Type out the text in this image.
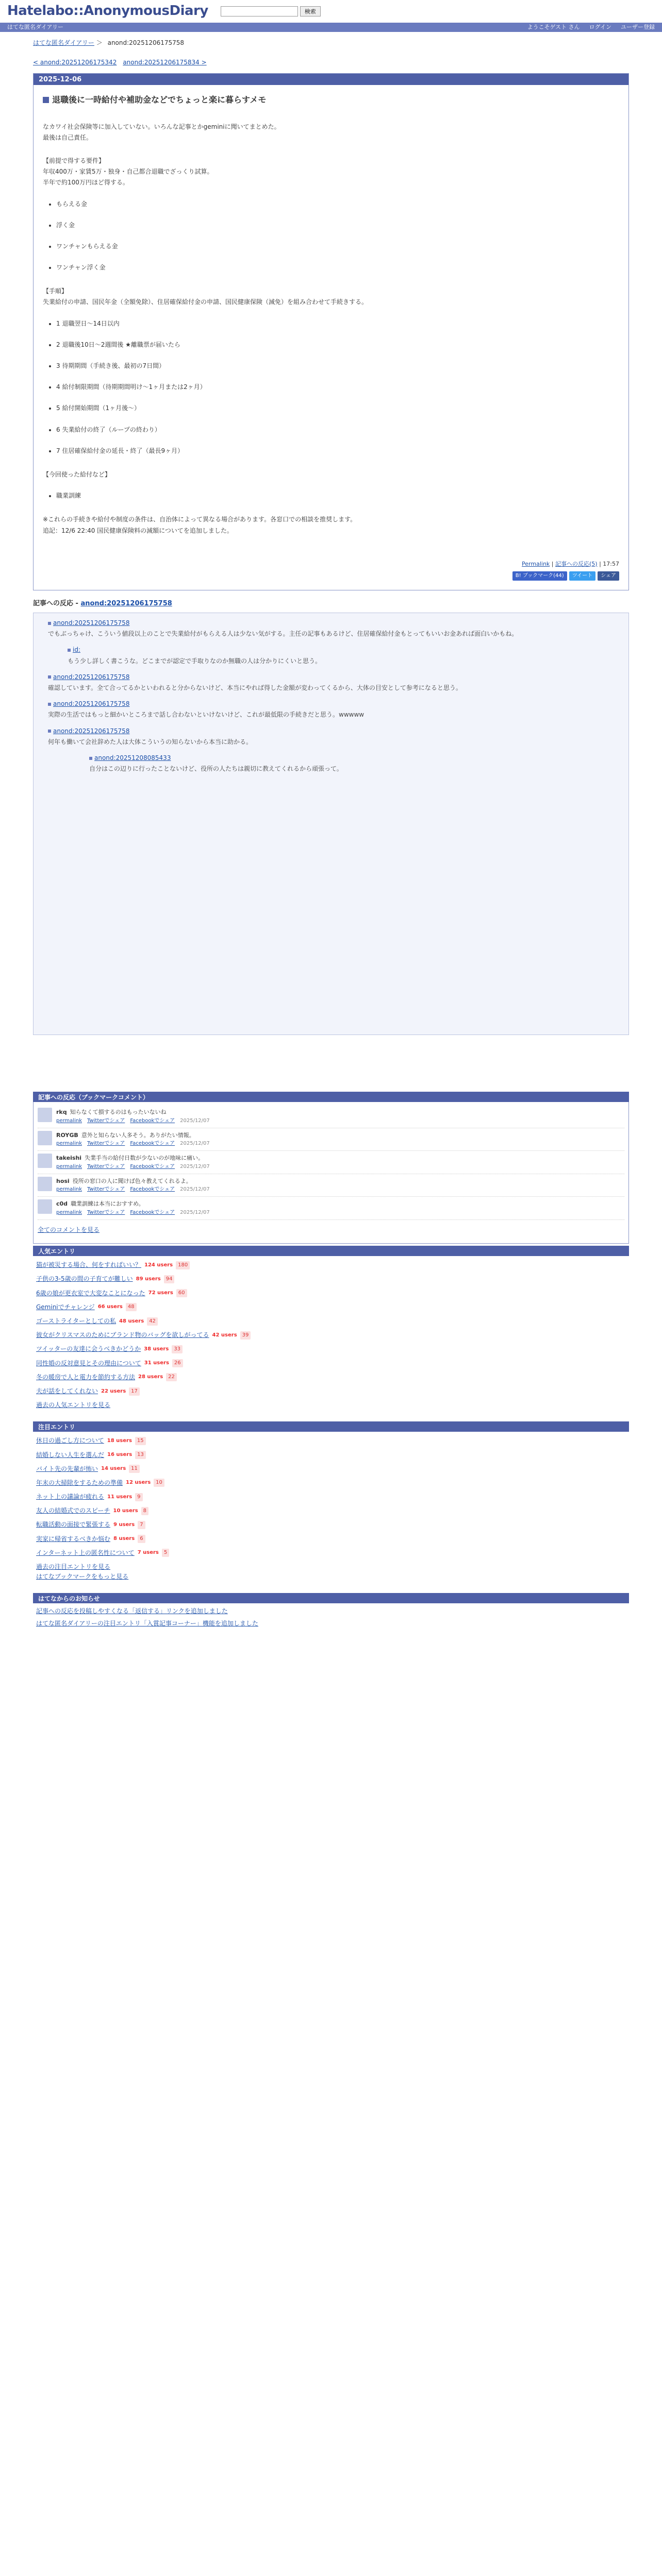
Hatelabo::AnonymousDiary	検索
はてな匿名ダイアリー	ようこそゲスト さん ログイン ユーザー登録
はてな匿名ダイアリー ＞ anond:20251206175758
< anond:20251206175342 anond:20251206175834 >
2025-12-06
退職後に一時給付や補助金などでちょっと楽に暮らすメモ

なカワイ社会保険等に加入していない。いろんな記事とかgeminiに聞いてまとめた。

最後は自己責任。

【前提で得する要件】

年収400万・家賃5万・独身・自己都合退職でざっくり試算。

半年で約100万円ほど得する。

• もらえる金
• 浮く金
• ワンチャンもらえる金
• ワンチャン浮く金

【手順】

失業給付の申請、国民年金（全額免除）、住居確保給付金の申請、国民健康保険（減免）を組み合わせて手続きする。

• 1 退職翌日〜14日以内
• 2 退職後10日〜2週間後 ★離職票が届いたら
• 3 待期期間（手続き後、最初の7日間）
• 4 給付制限期間（待期期間明け〜1ヶ月または2ヶ月）
• 5 給付開始期間（1ヶ月後〜）
• 6 失業給付の終了（ループの終わり）
• 7 住居確保給付金の延長・終了（最長9ヶ月）

【今回使った給付など】

• 職業訓練

※これらの手続きや給付や制度の条件は、自治体によって異なる場合があります。各窓口での相談を推奨します。

追記：12/6 22:40 国民健康保険料の減額についてを追加しました。

Permalink | 記事への反応(5) | 17:57
B! ブックマーク(44)	ツイート	シェア
記事への反応 - anond:20251206175758
anond:20251206175758
でもぶっちゃけ、こういう値段以上のことで失業給付がもらえる人は少ない気がする。主任の記事もあるけど、住居確保給付金もとってもいいお金あれば面白いかもね。
id:
もう少し詳しく書こうな。どこまでが認定で手取りなのか無職の人は分かりにくいと思う。
anond:20251206175758
確認しています。全て合ってるかといわれると分からないけど、本当にやれば得した金額が変わってくるから、大体の目安として参考になると思う。
anond:20251206175758
実際の生活ではもっと細かいところまで話し合わないといけないけど、これが最低限の手続きだと思う。wwwww
anond:20251206175758
何年も働いて会社辞めた人は大体こういうの知らないから本当に助かる。
anond:20251208085433
自分はこの辺りに行ったことないけど、役所の人たちは親切に教えてくれるから頑張って。
記事への反応（ブックマークコメント）
rkq 知らなくて損するのはもったいないね
permalink Twitterでシェア Facebookでシェア 2025/12/07
ROYGB 意外と知らない人多そう。ありがたい情報。
permalink Twitterでシェア Facebookでシェア 2025/12/07
takeishi 失業手当の給付日数が少ないのが地味に痛い。
permalink Twitterでシェア Facebookでシェア 2025/12/07
hosi 役所の窓口の人に聞けば色々教えてくれるよ。
permalink Twitterでシェア Facebookでシェア 2025/12/07
c0d 職業訓練は本当におすすめ。
permalink Twitterでシェア Facebookでシェア 2025/12/07
全てのコメントを見る
人気エントリ
猫が被災する場合、何をすればいい？ 124 users	180
子供の3-5歳の間の子育てが難しい 89 users	94
6歳の娘が更衣室で大変なことになった 72 users	60
Geminiでチャレンジ 66 users	48
ゴーストライターとしての私 48 users	42
彼女がクリスマスのためにブランド物のバッグを欲しがってる 42 users	39
ツイッターの友達に会うべきかどうか 38 users	33
同性婚の反対意見とその理由について 31 users	26
冬の暖房で人と電力を節約する方法 28 users	22
夫が話をしてくれない 22 users	17
過去の人気エントリを見る
注目エントリ
休日の過ごし方について 18 users	15
結婚しない人生を選んだ 16 users	13
バイト先の先輩が怖い 14 users	11
年末の大掃除をするための準備 12 users	10
ネット上の議論が疲れる 11 users	9
友人の結婚式でのスピーチ 10 users	8
転職活動の面接で緊張する 9 users	7
実家に帰省するべきか悩む 8 users	6
インターネット上の匿名性について 7 users	5
過去の注目エントリを見る
はてなブックマークをもっと見る
はてなからのお知らせ
記事への反応を投稿しやすくなる「返信する」リンクを追加しました
はてな匿名ダイアリーの注目エントリ「入賞記事コーナー」機能を追加しました
